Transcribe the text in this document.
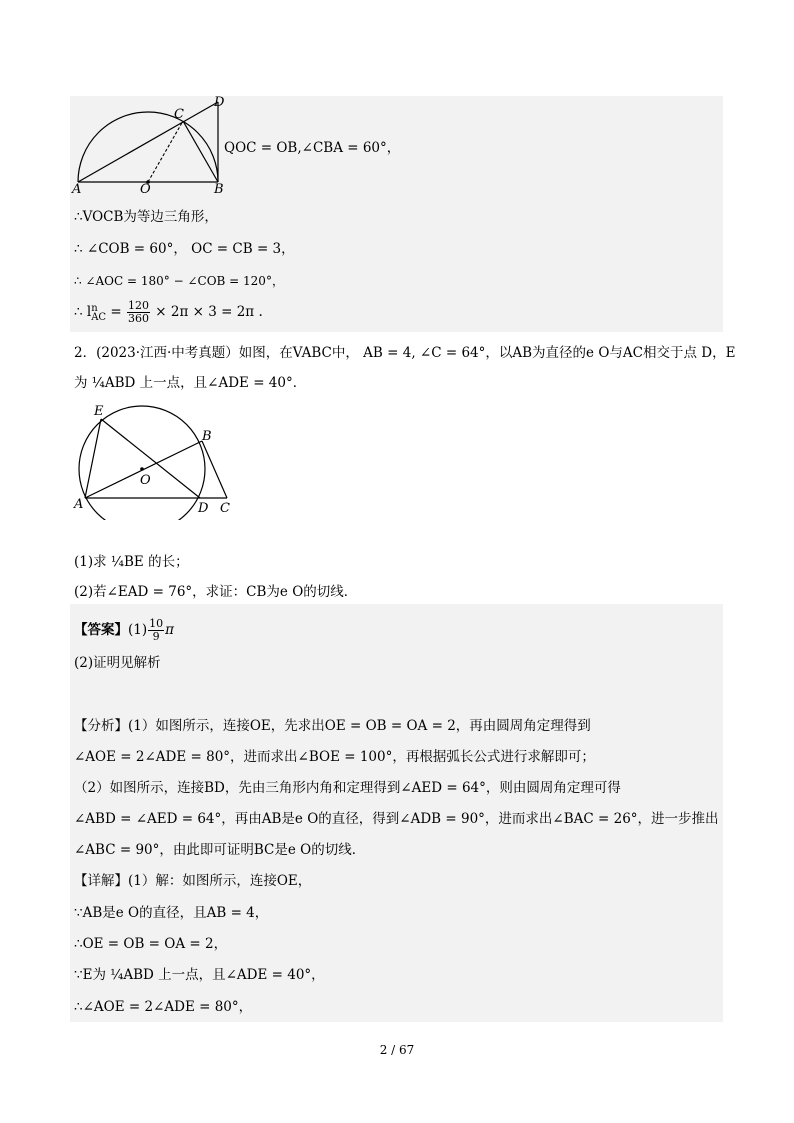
A	O	B
C
D
QOC = OB,∠CBA = 60°，
∴VOCB为等边三角形，
∴ ∠COB = 60°， OC = CB = 3，
∴ ∠AOC = 180° − ∠COB = 120°，
∴ l n
AC = $\frac{120}{360} \times 2\pi \times 3 = 2\pi$ .
2．(2023·江西·中考真题）如图，在VABC中， AB = 4, ∠C = 64°，以AB为直径的e O与AC相交于点 D，E
为 ¼ABD 上一点，且∠ADE = 40°．
E
B
O
A	D C
(1)求 ¼BE 的长；
(2)若∠EAD = 76°，求证：CB为e O的切线．
【答案】$(1) \frac{10}{9}$ π
(2)证明见解析
【分析】(1）如图所示，连接OE，先求出OE = OB = OA = 2，再由圆周角定理得到
∠AOE = 2∠ADE = 80°，进而求出∠BOE = 100°，再根据弧长公式进行求解即可；
（2）如图所示，连接BD，先由三角形内角和定理得到∠AED = 64°，则由圆周角定理可得
∠ABD = ∠AED = 64°，再由AB是e O的直径，得到∠ADB = 90°，进而求出∠BAC = 26°，进一步推出
∠ABC = 90°，由此即可证明BC是e O的切线．
【详解】(1）解：如图所示，连接OE，
∵AB是e O的直径，且AB = 4，
∴OE = OB = OA = 2，
∵E为 ¼ABD 上一点，且∠ADE = 40°，
∴∠AOE = 2∠ADE = 80°，
2 / 67
